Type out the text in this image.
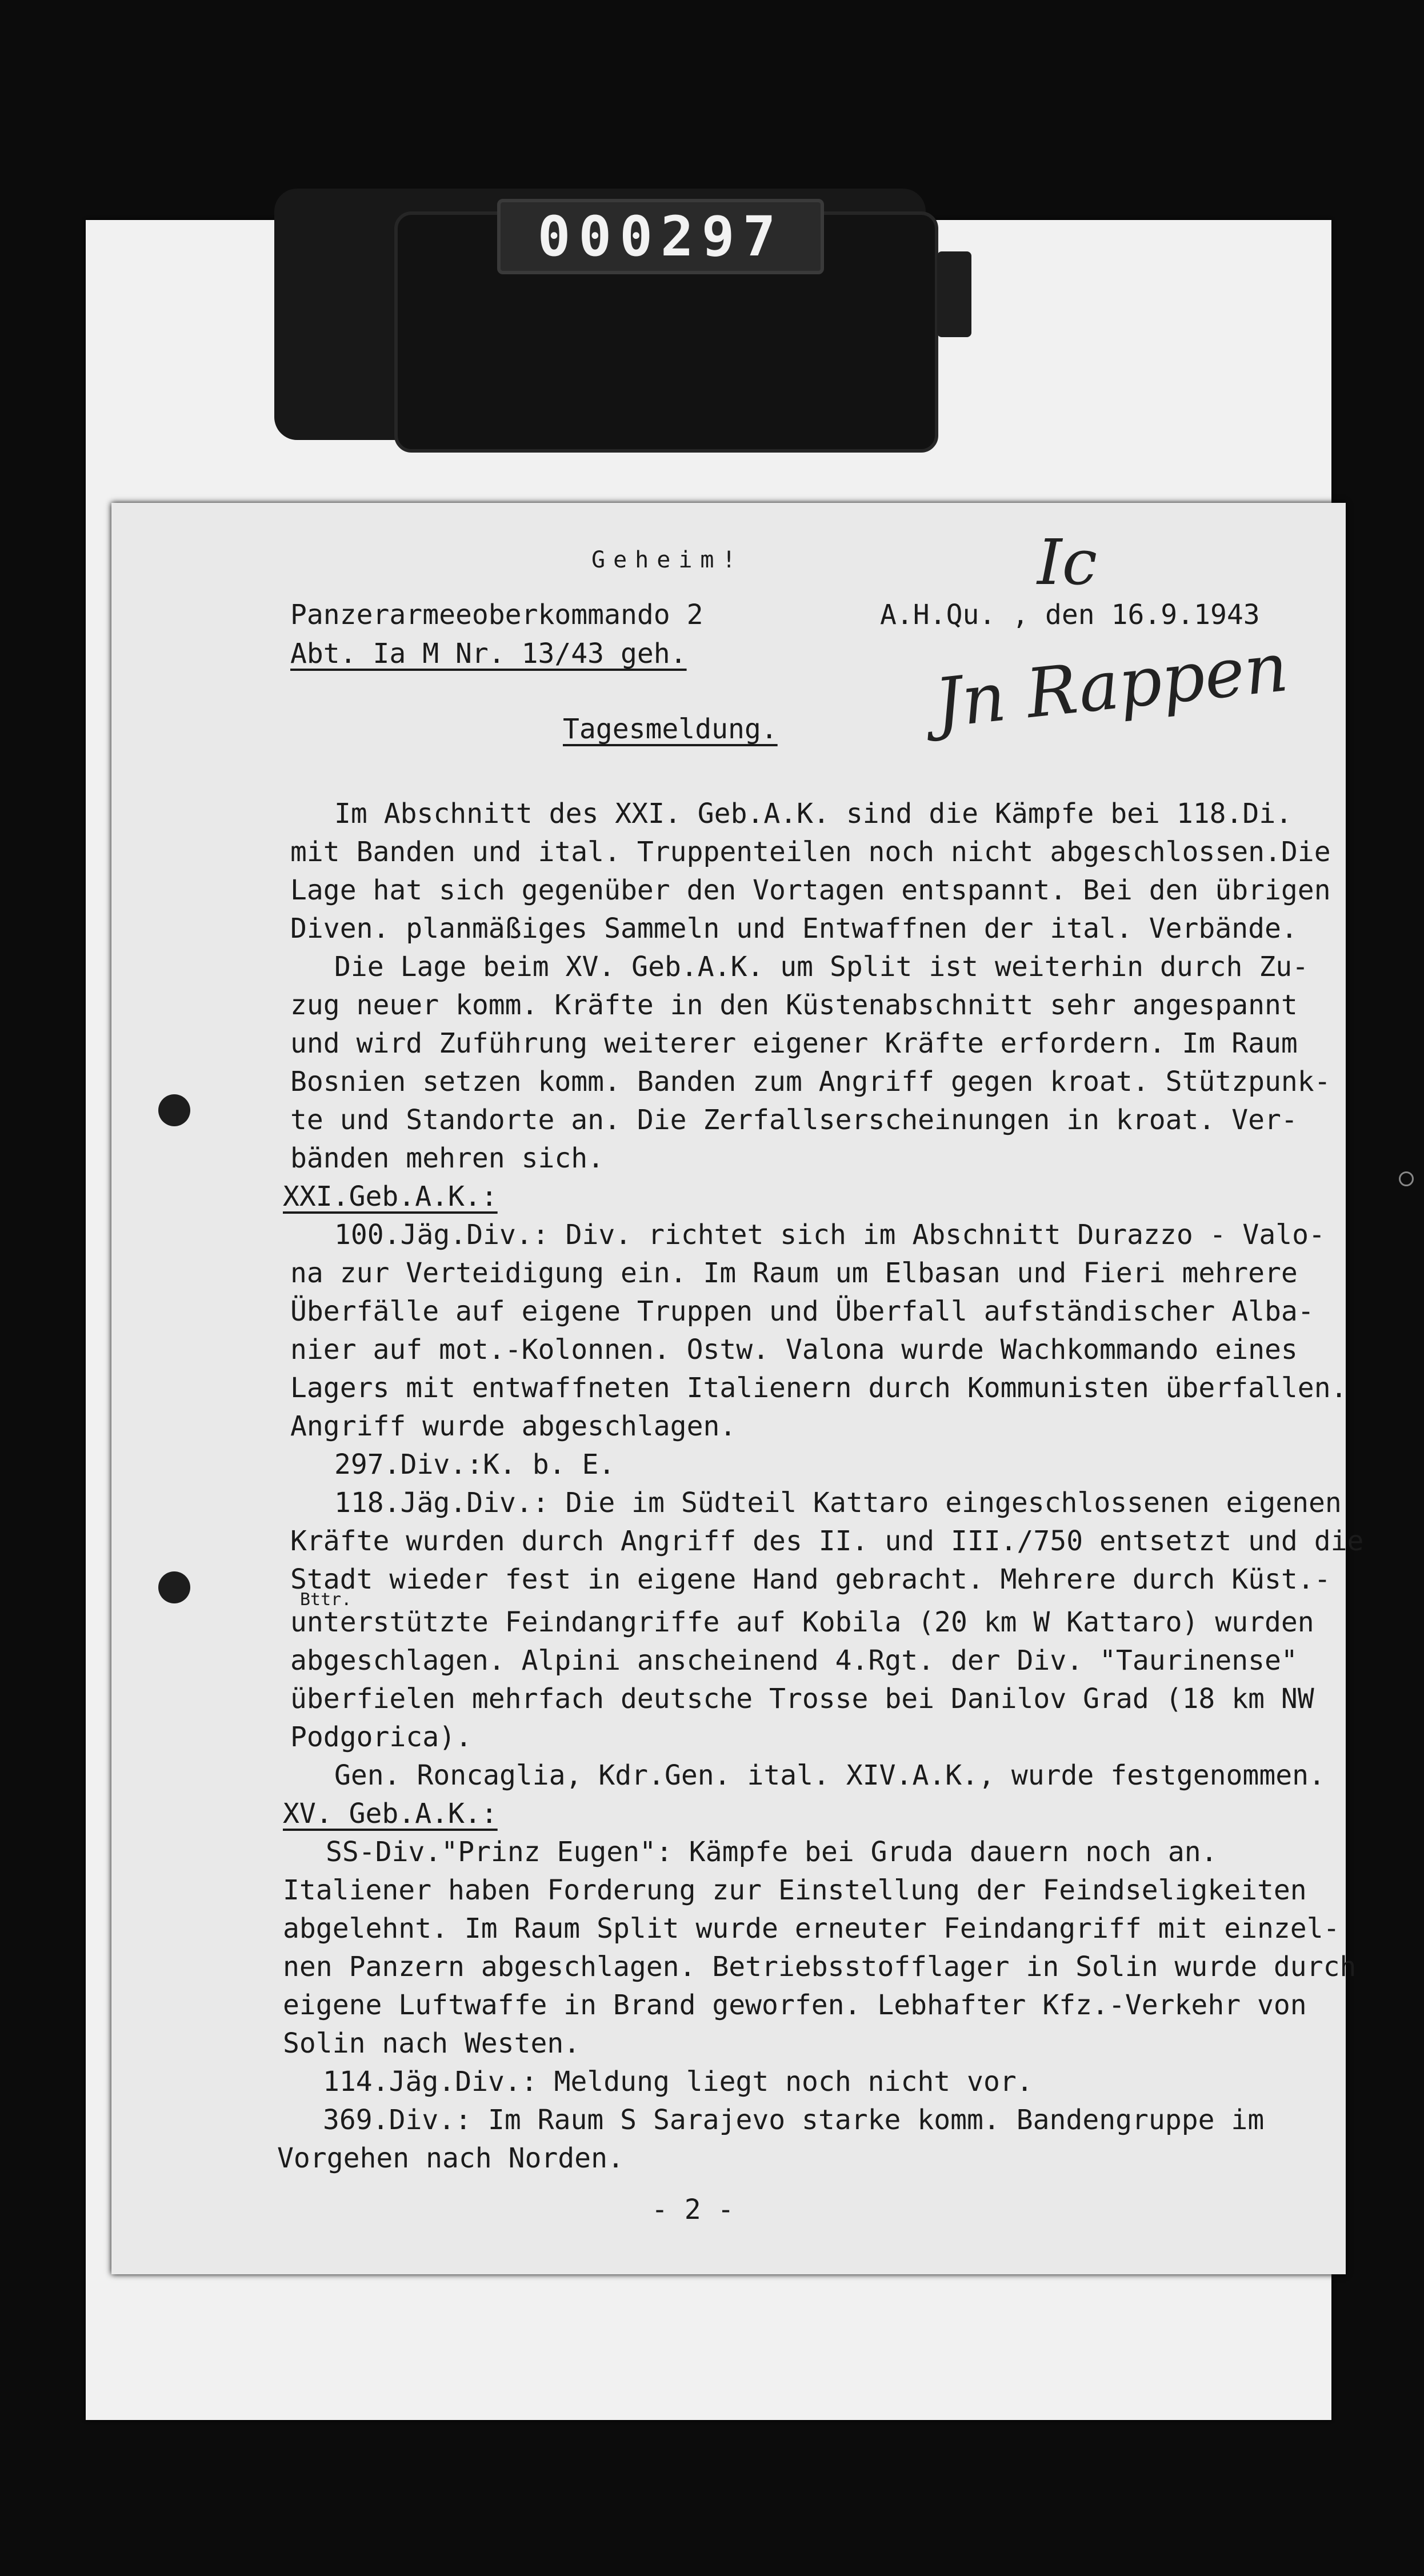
000297
Ic
Jn Rappen
Geheim!
Panzerarmeeoberkommando 2	A.H.Qu. , den 16.9.1943
Abt. Ia M Nr. 13/43 geh.
Tagesmeldung.
Im Abschnitt des XXI. Geb.A.K. sind die Kämpfe bei 118.Di.
mit Banden und ital. Truppenteilen noch nicht abgeschlossen.Die
Lage hat sich gegenüber den Vortagen entspannt. Bei den übrigen
Diven. planmäßiges Sammeln und Entwaffnen der ital. Verbände.
Die Lage beim XV. Geb.A.K. um Split ist weiterhin durch Zu-
zug neuer komm. Kräfte in den Küstenabschnitt sehr angespannt
und wird Zuführung weiterer eigener Kräfte erfordern. Im Raum
Bosnien setzen komm. Banden zum Angriff gegen kroat. Stützpunk-
te und Standorte an. Die Zerfallserscheinungen in kroat. Ver-
bänden mehren sich.
XXI.Geb.A.K.:
100.Jäg.Div.: Div. richtet sich im Abschnitt Durazzo - Valo-
na zur Verteidigung ein. Im Raum um Elbasan und Fieri mehrere
Überfälle auf eigene Truppen und Überfall aufständischer Alba-
nier auf mot.-Kolonnen. Ostw. Valona wurde Wachkommando eines
Lagers mit entwaffneten Italienern durch Kommunisten überfallen.
Angriff wurde abgeschlagen.
297.Div.:K. b. E.
118.Jäg.Div.: Die im Südteil Kattaro eingeschlossenen eigenen
Kräfte wurden durch Angriff des II. und III./750 entsetzt und die
Stadt wieder fest in eigene Hand gebracht. Mehrere durch Küst.-
Bttr.
unterstützte Feindangriffe auf Kobila (20 km W Kattaro) wurden
abgeschlagen. Alpini anscheinend 4.Rgt. der Div. "Taurinense"
überfielen mehrfach deutsche Trosse bei Danilov Grad (18 km NW
Podgorica).
Gen. Roncaglia, Kdr.Gen. ital. XIV.A.K., wurde festgenommen.
XV. Geb.A.K.:
SS-Div."Prinz Eugen": Kämpfe bei Gruda dauern noch an.
Italiener haben Forderung zur Einstellung der Feindseligkeiten
abgelehnt. Im Raum Split wurde erneuter Feindangriff mit einzel-
nen Panzern abgeschlagen. Betriebsstofflager in Solin wurde durch
eigene Luftwaffe in Brand geworfen. Lebhafter Kfz.-Verkehr von
Solin nach Westen.
114.Jäg.Div.: Meldung liegt noch nicht vor.
369.Div.: Im Raum S Sarajevo starke komm. Bandengruppe im
Vorgehen nach Norden.
- 2 -
